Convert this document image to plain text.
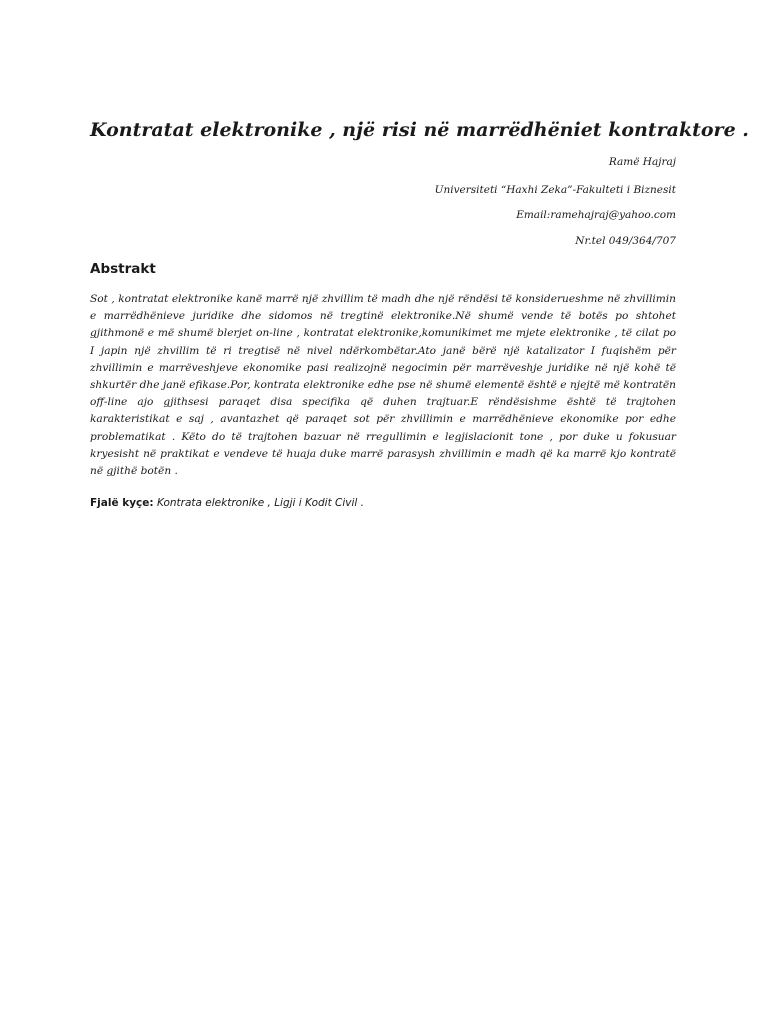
Kontratat elektronike , një risi në marrëdhëniet kontraktore .
Ramë Hajraj
Universiteti “Haxhi Zeka”-Fakulteti i Biznesit
Email:ramehajraj@yahoo.com
Nr.tel 049/364/707
Abstrakt

Sot , kontratat elektronike kanë marrë një zhvillim të madh dhe një rëndësi të konsiderueshme në zhvillimin e marrëdhënieve juridike dhe sidomos në tregtinë elektronike.Në shumë vende të botës po shtohet gjithmonë e më shumë blerjet on-line , kontratat elektronike,komunikimet me mjete elektronike , të cilat po I japin një zhvillim të ri tregtisë në nivel ndërkombëtar.Ato janë bërë një katalizator I fuqishëm për zhvillimin e marrëveshjeve ekonomike pasi realizojnë negocimin për marrëveshje juridike në një kohë të shkurtër dhe janë efikase.Por, kontrata elektronike edhe pse në shumë elementë është e njejtë më kontratën off-line ajo gjithsesi paraqet disa specifika që duhen trajtuar.E rëndësishme është të trajtohen karakteristikat e saj , avantazhet që paraqet sot për zhvillimin e marrëdhënieve ekonomike por edhe problematikat . Këto do të trajtohen bazuar në rregullimin e legjislacionit tone , por duke u fokusuar kryesisht në praktikat e vendeve të huaja duke marrë parasysh zhvillimin e madh që ka marrë kjo kontratë në gjithë botën .

Fjalë kyçe: Kontrata elektronike , Ligji i Kodit Civil .
